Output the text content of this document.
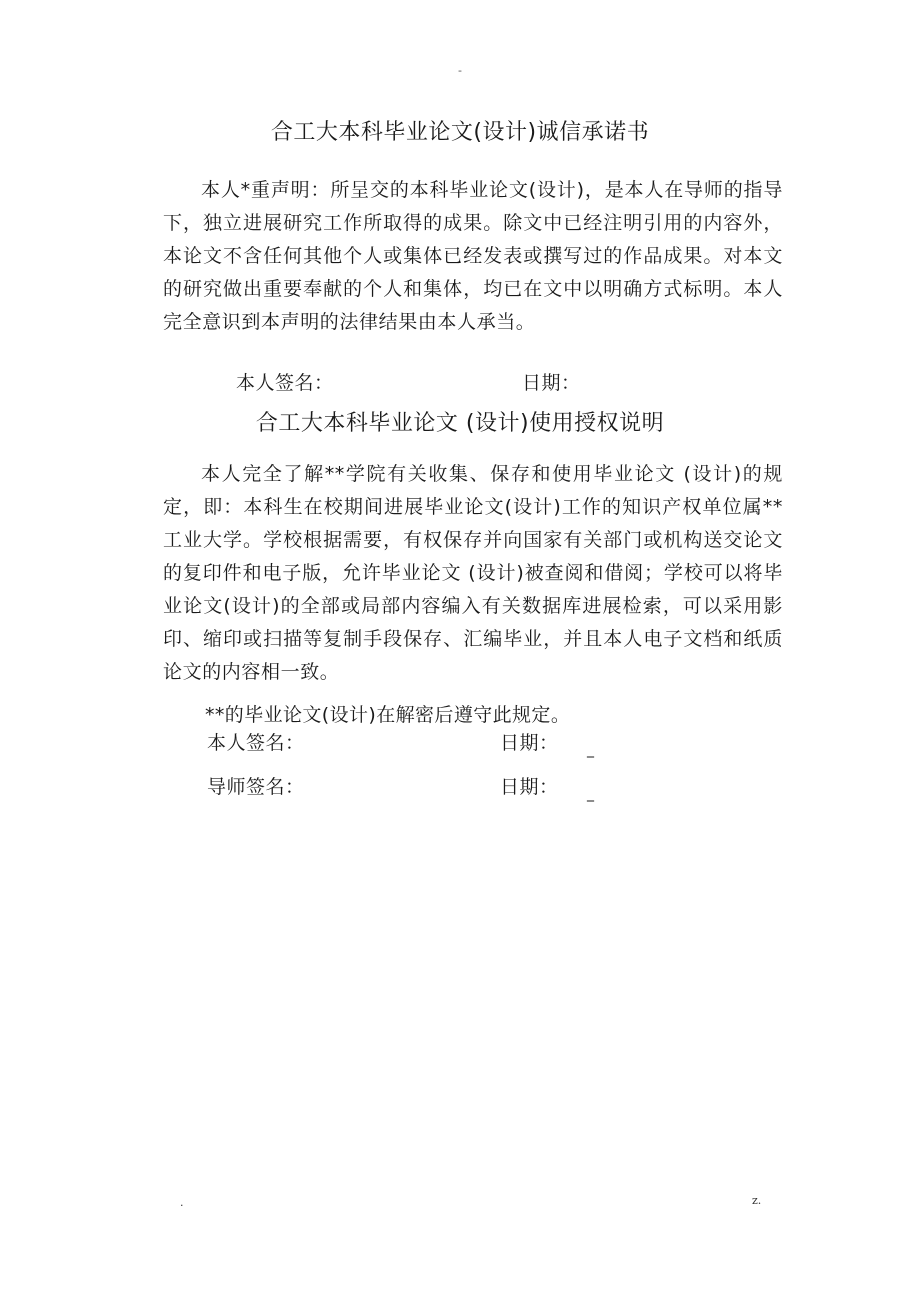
-
合工大本科毕业论文(设计)诚信承诺书

本人*重声明：所呈交的本科毕业论文(设计)，是本人在导师的指导下，独立进展研究工作所取得的成果。除文中已经注明引用的内容外，本论文不含任何其他个人或集体已经发表或撰写过的作品成果。对本文的研究做出重要奉献的个人和集体，均已在文中以明确方式标明。本人完全意识到本声明的法律结果由本人承当。

本人签名：	日期：
合工大本科毕业论文 (设计)使用授权说明

本人完全了解**学院有关收集、保存和使用毕业论文 (设计)的规定，即：本科生在校期间进展毕业论文(设计)工作的知识产权单位属**工业大学。学校根据需要，有权保存并向国家有关部门或机构送交论文的复印件和电子版，允许毕业论文 (设计)被查阅和借阅；学校可以将毕业论文(设计)的全部或局部内容编入有关数据库进展检索，可以采用影印、缩印或扫描等复制手段保存、汇编毕业，并且本人电子文档和纸质论文的内容相一致。

**的毕业论文(设计)在解密后遵守此规定。
本人签名：	日期： _
导师签名：	日期： _
.	z.
